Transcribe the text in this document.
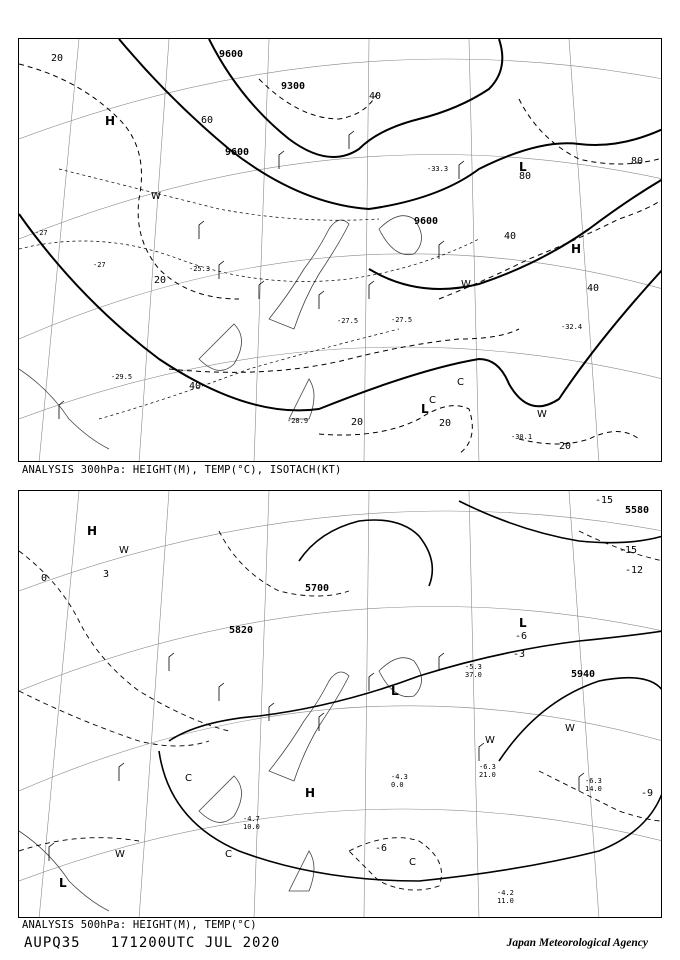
9600
9600
9600
9300
20
20
20	20
20
40
40
40
40
80
80
60
-27
-27
-27.5	-27.5
-29.5
-33.3
-30.1
-32.4
-25.3
-28.9
H
H
L
L
C
C
W
W
W
ANALYSIS 300hPa: HEIGHT(M), TEMP(°C), ISOTACH(KT)
5700
5820
5940
5580
-15
-15
-12
-9
-6
-6
-3
0	3
-6.3
21.0
-6.3
14.0
-4.3
0.0
-4.7
10.0
-4.2
11.0
-5.3
37.0
H
H
L
L
L
W
W
W
W
C
C
C
ANALYSIS 500hPa: HEIGHT(M), TEMP(°C)
AUPQ35 171200UTC JUL 2020	Japan Meteorological Agency
